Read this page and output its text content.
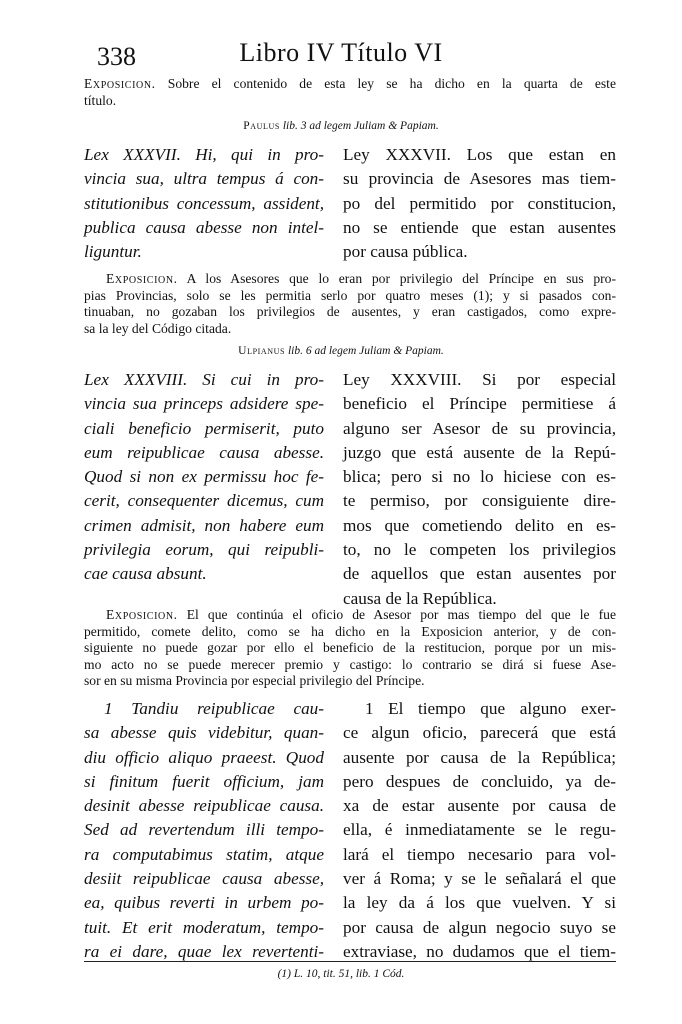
338	Libro IV Título VI
Exposicion. Sobre el contenido de esta ley se ha dicho en la quarta de este
título.
Paulus lib. 3 ad legem Juliam & Papiam.
Lex XXXVII. Hi, qui in pro-
vincia sua, ultra tempus á con-
stitutionibus concessum, assident,
publica causa abesse non intel-
liguntur.
Ley XXXVII. Los que estan en
su provincia de Asesores mas tiem-
po del permitido por constitucion,
no se entiende que estan ausentes
por causa pública.
Exposicion. A los Asesores que lo eran por privilegio del Príncipe en sus pro-
pias Provincias, solo se les permitia serlo por quatro meses (1); y si pasados con-
tinuaban, no gozaban los privilegios de ausentes, y eran castigados, como expre-
sa la ley del Código citada.
Ulpianus lib. 6 ad legem Juliam & Papiam.
Lex XXXVIII. Si cui in pro-
vincia sua princeps adsidere spe-
ciali beneficio permiserit, puto
eum reipublicae causa abesse.
Quod si non ex permissu hoc fe-
cerit, consequenter dicemus, cum
crimen admisit, non habere eum
privilegia eorum, qui reipubli-
cae causa absunt.
Ley XXXVIII. Si por especial
beneficio el Príncipe permitiese á
alguno ser Asesor de su provincia,
juzgo que está ausente de la Repú-
blica; pero si no lo hiciese con es-
te permiso, por consiguiente dire-
mos que cometiendo delito en es-
to, no le competen los privilegios
de aquellos que estan ausentes por
causa de la República.
Exposicion. El que continúa el oficio de Asesor por mas tiempo del que le fue
permitido, comete delito, como se ha dicho en la Exposicion anterior, y de con-
siguiente no puede gozar por ello el beneficio de la restitucion, porque por un mis-
mo acto no se puede merecer premio y castigo: lo contrario se dirá si fuese Ase-
sor en su misma Provincia por especial privilegio del Príncipe.
1 Tandiu reipublicae cau-
sa abesse quis videbitur, quan-
diu officio aliquo praeest. Quod
si finitum fuerit officium, jam
desinit abesse reipublicae causa.
Sed ad revertendum illi tempo-
ra computabimus statim, atque
desiit reipublicae causa abesse,
ea, quibus reverti in urbem po-
tuit. Et erit moderatum, tempo-
ra ei dare, quae lex revertenti-
1 El tiempo que alguno exer-
ce algun oficio, parecerá que está
ausente por causa de la República;
pero despues de concluido, ya de-
xa de estar ausente por causa de
ella, é inmediatamente se le regu-
lará el tiempo necesario para vol-
ver á Roma; y se le señalará el que
la ley da á los que vuelven. Y si
por causa de algun negocio suyo se
extraviase, no dudamos que el tiem-
(1) L. 10, tit. 51, lib. 1 Cód.
